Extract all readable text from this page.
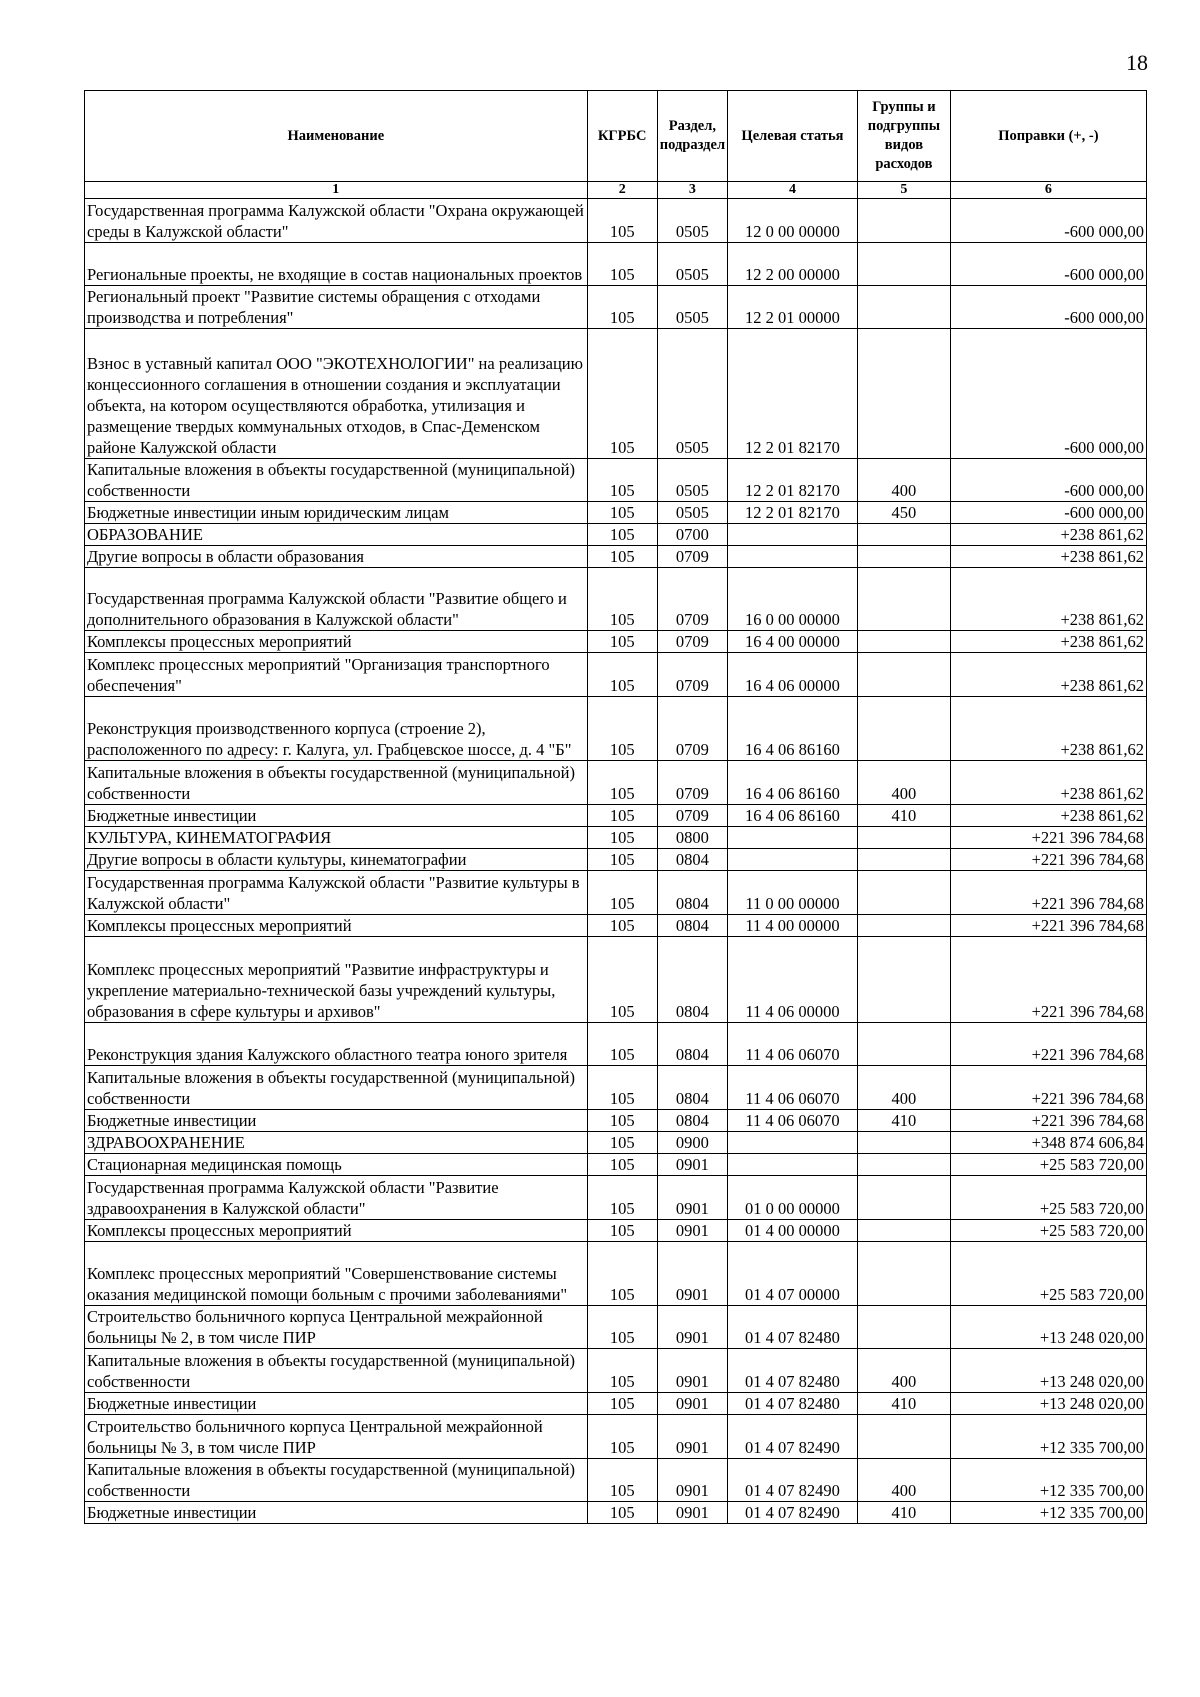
18
Наименование	КГРБС	Раздел, подраздел	Целевая статья	Группы и подгруппы видов расходов	Поправки (+, -)
1	2	3	4	5	6
Государственная программа Калужской области "Охрана окружающей среды в Калужской области"	105	0505	12 0 00 00000		-600 000,00
Региональные проекты, не входящие в состав национальных проектов	105	0505	12 2 00 00000		-600 000,00
Региональный проект "Развитие системы обращения с отходами производства и потребления"	105	0505	12 2 01 00000		-600 000,00
Взнос в уставный капитал ООО "ЭКОТЕХНОЛОГИИ" на реализацию концессионного соглашения в отношении создания и эксплуатации объекта, на котором осуществляются обработка, утилизация и размещение твердых коммунальных отходов, в Спас-Деменском районе Калужской области	105	0505	12 2 01 82170		-600 000,00
Капитальные вложения в объекты государственной (муниципальной) собственности	105	0505	12 2 01 82170	400	-600 000,00
Бюджетные инвестиции иным юридическим лицам	105	0505	12 2 01 82170	450	-600 000,00
ОБРАЗОВАНИЕ	105	0700			+238 861,62
Другие вопросы в области образования	105	0709			+238 861,62
Государственная программа Калужской области "Развитие общего и дополнительного образования в Калужской области"	105	0709	16 0 00 00000		+238 861,62
Комплексы процессных мероприятий	105	0709	16 4 00 00000		+238 861,62
Комплекс процессных мероприятий "Организация транспортного обеспечения"	105	0709	16 4 06 00000		+238 861,62
Реконструкция производственного корпуса (строение 2), расположенного по адресу: г. Калуга, ул. Грабцевское шоссе, д. 4 "Б"	105	0709	16 4 06 86160		+238 861,62
Капитальные вложения в объекты государственной (муниципальной) собственности	105	0709	16 4 06 86160	400	+238 861,62
Бюджетные инвестиции	105	0709	16 4 06 86160	410	+238 861,62
КУЛЬТУРА, КИНЕМАТОГРАФИЯ	105	0800			+221 396 784,68
Другие вопросы в области культуры, кинематографии	105	0804			+221 396 784,68
Государственная программа Калужской области "Развитие культуры в Калужской области"	105	0804	11 0 00 00000		+221 396 784,68
Комплексы процессных мероприятий	105	0804	11 4 00 00000		+221 396 784,68
Комплекс процессных мероприятий "Развитие инфраструктуры и укрепление материально-технической базы учреждений культуры, образования в сфере культуры и архивов"	105	0804	11 4 06 00000		+221 396 784,68
Реконструкция здания Калужского областного театра юного зрителя	105	0804	11 4 06 06070		+221 396 784,68
Капитальные вложения в объекты государственной (муниципальной) собственности	105	0804	11 4 06 06070	400	+221 396 784,68
Бюджетные инвестиции	105	0804	11 4 06 06070	410	+221 396 784,68
ЗДРАВООХРАНЕНИЕ	105	0900			+348 874 606,84
Стационарная медицинская помощь	105	0901			+25 583 720,00
Государственная программа Калужской области "Развитие здравоохранения в Калужской области"	105	0901	01 0 00 00000		+25 583 720,00
Комплексы процессных мероприятий	105	0901	01 4 00 00000		+25 583 720,00
Комплекс процессных мероприятий "Совершенствование системы оказания медицинской помощи больным с прочими заболеваниями"	105	0901	01 4 07 00000		+25 583 720,00
Строительство больничного корпуса Центральной межрайонной больницы № 2, в том числе ПИР	105	0901	01 4 07 82480		+13 248 020,00
Капитальные вложения в объекты государственной (муниципальной) собственности	105	0901	01 4 07 82480	400	+13 248 020,00
Бюджетные инвестиции	105	0901	01 4 07 82480	410	+13 248 020,00
Строительство больничного корпуса Центральной межрайонной больницы № 3, в том числе ПИР	105	0901	01 4 07 82490		+12 335 700,00
Капитальные вложения в объекты государственной (муниципальной) собственности	105	0901	01 4 07 82490	400	+12 335 700,00
Бюджетные инвестиции	105	0901	01 4 07 82490	410	+12 335 700,00
